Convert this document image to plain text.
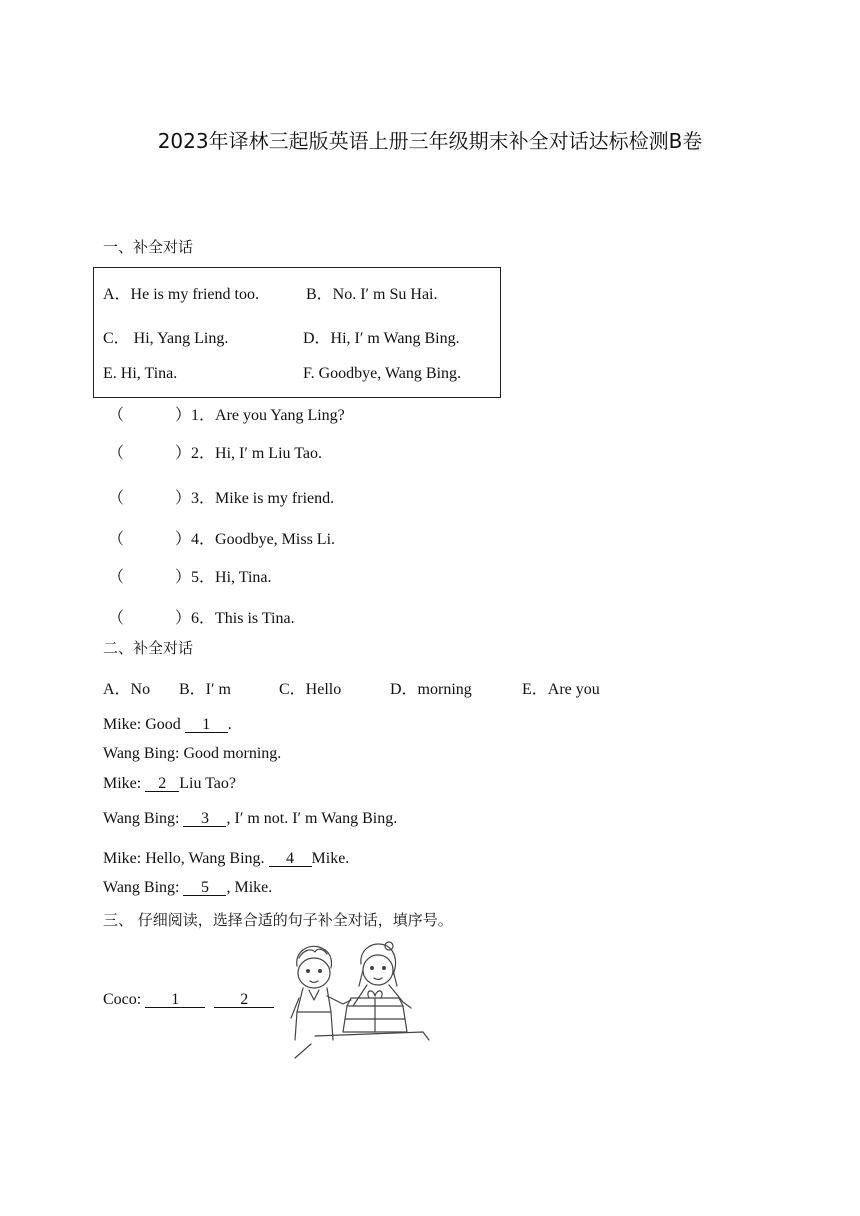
2023年译林三起版英语上册三年级期末补全对话达标检测B卷
一、补全对话
A．He is my friend too.	B．No. I′ m Su Hai.
C． Hi, Yang Ling.	D．Hi, I′ m Wang Bing.
E. Hi, Tina.	F. Goodbye, Wang Bing.
（	）1．Are you Yang Ling?
（	）2．Hi, I′ m Liu Tao.
（	）3．Mike is my friend.
（	）4．Goodbye, Miss Li.
（	）5．Hi, Tina.
（	）6．This is Tina.
二、补全对话
A．No B．I′ m	C．Hello	D．morning	E．Are you
Mike: Good 1 .
Wang Bing: Good morning.
Mike: 2 Liu Tao?
Wang Bing: 3 , I′ m not. I′ m Wang Bing.
Mike: Hello, Wang Bing. 4 Mike.
Wang Bing: 5 , Mike.
三、 仔细阅读，选择合适的句子补全对话，填序号。
Coco: 1	2
